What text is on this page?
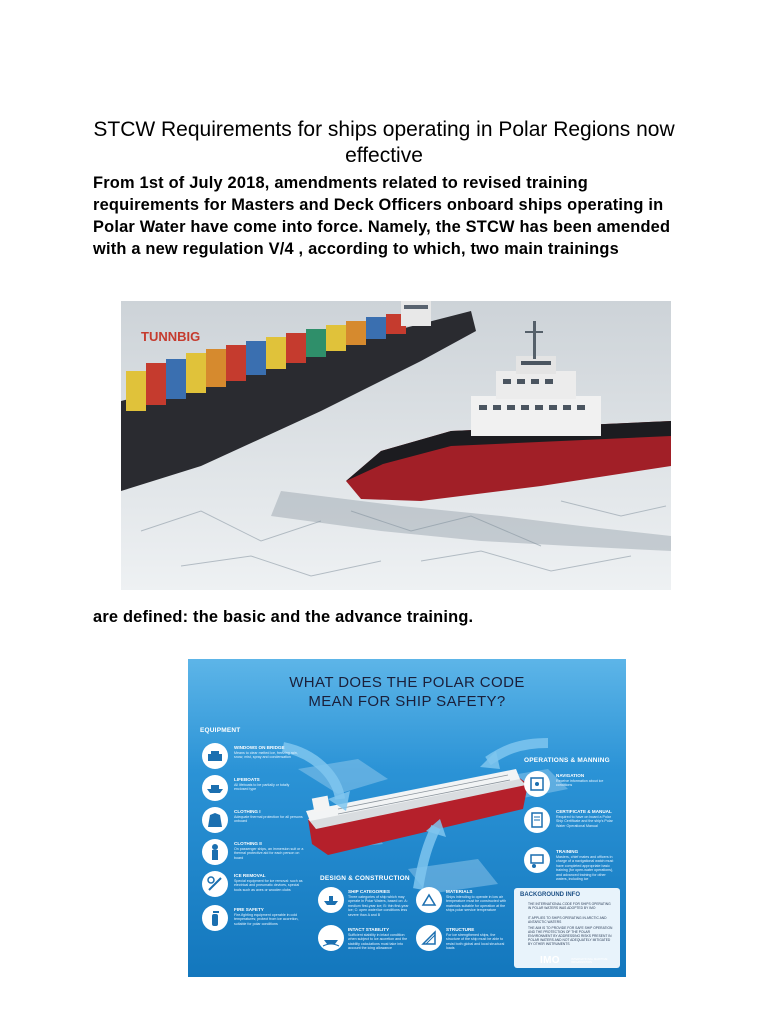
STCW Requirements for ships operating in Polar Regions now effective

From 1st of July 2018, amendments related to revised training requirements for Masters and Deck Officers onboard ships operating in Polar Water have come into force. Namely, the STCW has been amended with a new regulation V/4 , according to which, two main trainings

TUNNBIG

are defined: the basic and the advance training.

WHAT DOES THE POLAR CODE MEAN FOR SHIP SAFETY?
EQUIPMENT
OPERATIONS & MANNING
DESIGN & CONSTRUCTION
WINDOWS ON BRIDGE
Means to clear melted ice, freezing rain, snow, mist, spray and condensation
LIFEBOATS
All lifeboats to be partially or totally enclosed type
CLOTHING I
Adequate thermal protection for all persons onboard
CLOTHING II
On passenger ships, an immersion suit or a thermal protective aid for each person on board
ICE REMOVAL
Special equipment for ice removal: such as electrical and pneumatic devices, special tools such as axes or wooden clubs
FIRE SAFETY
Fire-fighting equipment operable in cold temperatures; protect from ice accretion, suitable for polar conditions
NAVIGATION
Receive information about ice conditions
CERTIFICATE & MANUAL
Required to have on board a Polar Ship Certificate and the ship's Polar Water Operational Manual
TRAINING
Masters, chief mates and officers in charge of a navigational watch must have completed appropriate basic training (for open-water operations), and advanced training for other waters, including ice
SHIP CATEGORIES
Three categories of ship which may operate in Polar Waters, based on: A: medium first-year ice; B: thin first-year ice; C: open water/ice conditions less severe than A and B
INTACT STABILITY
Sufficient stability in intact condition when subject to ice accretion and the stability calculations must take into account the icing allowance
MATERIALS
Ships intending to operate in low air temperature must be constructed with materials suitable for operation at the ships polar service temperature
STRUCTURE
For ice strengthened ships, the structure of the ship must be able to resist both global and local structural loads
BACKGROUND INFO
THE INTERNATIONAL CODE FOR SHIPS OPERATING IN POLAR WATERS WAS ADOPTED BY IMO
IT APPLIES TO SHIPS OPERATING IN ARCTIC AND ANTARCTIC WATERS
THE AIM IS TO PROVIDE FOR SAFE SHIP OPERATION AND THE PROTECTION OF THE POLAR ENVIRONMENT BY ADDRESSING RISKS PRESENT IN POLAR WATERS AND NOT ADEQUATELY MITIGATED BY OTHER INSTRUMENTS
IMO	INTERNATIONAL MARITIME ORGANIZATION
